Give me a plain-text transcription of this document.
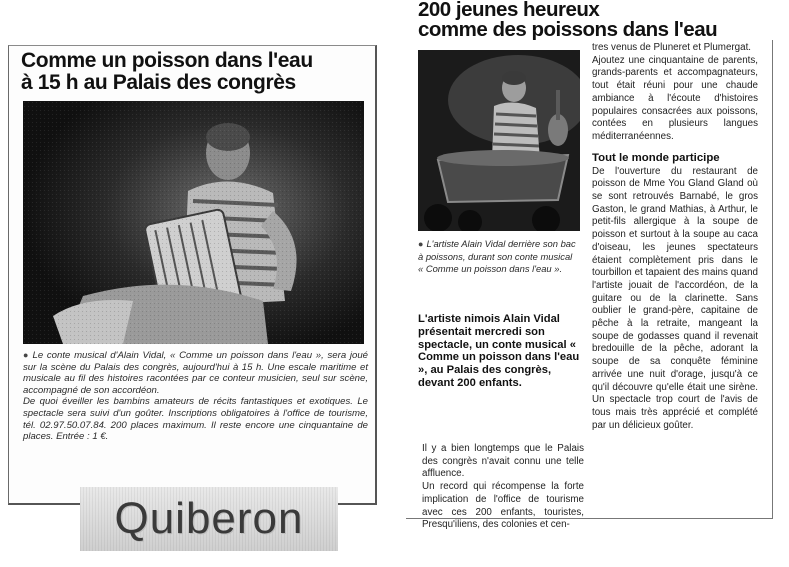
Comme un poisson dans l'eau
à 15 h au Palais des congrès

● Le conte musical d'Alain Vidal, « Comme un poisson dans l'eau », sera joué sur la scène du Palais des congrès, aujourd'hui à 15 h. Une escale maritime et musicale au fil des histoires racontées par ce conteur musicien, seul sur scène, accompagné de son accordéon.

De quoi éveiller les bambins amateurs de récits fantastiques et exotiques. Le spectacle sera suivi d'un goûter. Inscriptions obligatoires à l'office de tourisme, tél. 02.97.50.07.84. 200 places maximum. Il reste encore une cinquantaine de places. Entrée : 1 €.

Quiberon
200 jeunes heureux
comme des poissons dans l'eau

● L'artiste Alain Vidal derrière son bac à poissons, durant son conte musical « Comme un poisson dans l'eau ».

L'artiste nimois Alain Vidal présentait mercredi son spectacle, un conte musical « Comme un poisson dans l'eau », au Palais des congrès, devant 200 enfants.

Il y a bien longtemps que le Palais des congrès n'avait connu une telle affluence.

Un record qui récompense la forte implication de l'office de tourisme avec ces 200 enfants, touristes, Presqu'iliens, des colonies et cen-

tres venus de Pluneret et Plumergat.

Ajoutez une cinquantaine de parents, grands-parents et accompagnateurs, tout était réuni pour une chaude ambiance à l'écoute d'histoires populaires consacrées aux poissons, contées en plusieurs langues méditerranéennes.

Tout le monde participe

De l'ouverture du restaurant de poisson de Mme You Gland Gland où se sont retrouvés Barnabé, le gros Gaston, le grand Mathias, à Arthur, le petit-fils allergique à la soupe de poisson et surtout à la soupe au caca d'oiseau, les jeunes spectateurs étaient complètement pris dans le tourbillon et tapaient des mains quand l'artiste jouait de l'accordéon, de la guitare ou de la clarinette. Sans oublier le grand-père, capitaine de pêche à la retraite, mangeant la soupe de godasses quand il revenait bredouille de la pêche, adorant la soupe de sa conquête féminine arrivée une nuit d'orage, jusqu'à ce qu'il découvre qu'elle était une sirène. Un spectacle trop court de l'avis de tous mais très apprécié et complété par un délicieux goûter.
